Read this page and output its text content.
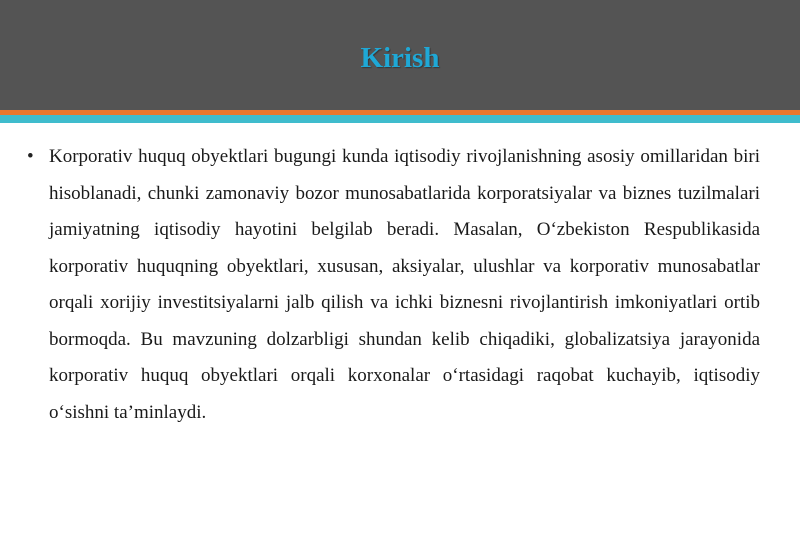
Kirish
• Korporativ huquq obyektlari bugungi kunda iqtisodiy rivojlanishning asosiy omillaridan biri hisoblanadi, chunki zamonaviy bozor munosabatlarida korporatsiyalar va biznes tuzilmalari jamiyatning iqtisodiy hayotini belgilab beradi. Masalan, O‘zbekiston Respublikasida korporativ huquqning obyektlari, xususan, aksiyalar, ulushlar va korporativ munosabatlar orqali xorijiy investitsiyalarni jalb qilish va ichki biznesni rivojlantirish imkoniyatlari ortib bormoqda. Bu mavzuning dolzarbligi shundan kelib chiqadiki, globalizatsiya jarayonida korporativ huquq obyektlari orqali korxonalar o‘rtasidagi raqobat kuchayib, iqtisodiy o‘sishni ta’minlaydi.
